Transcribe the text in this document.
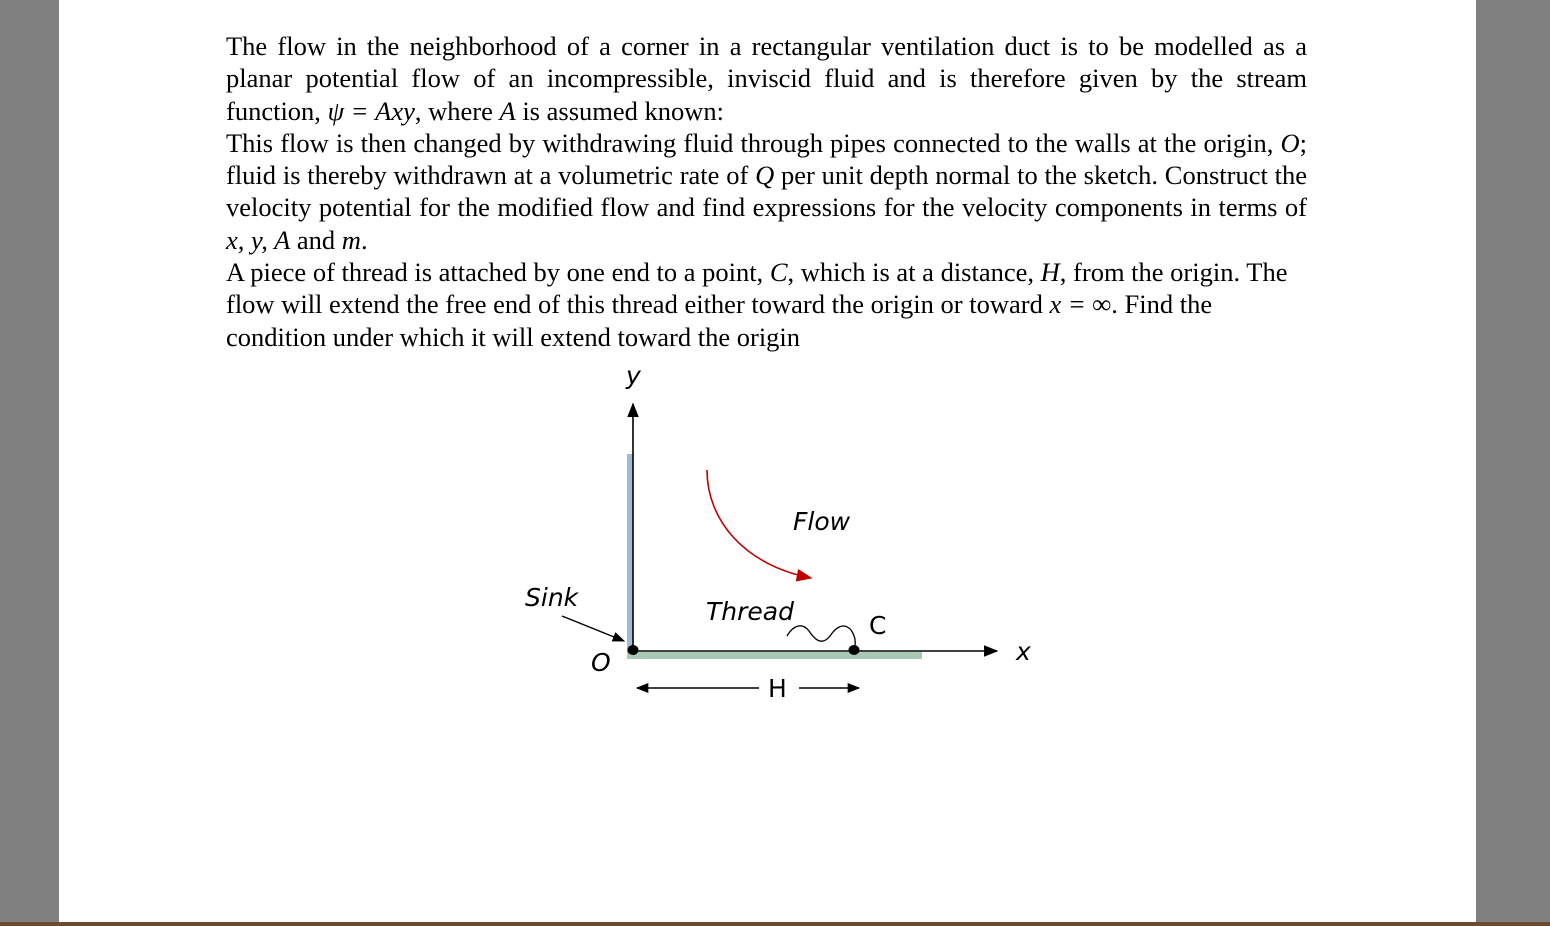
The flow in the neighborhood of a corner in a rectangular ventilation duct is to be modelled as a planar potential flow of an incompressible, inviscid fluid and is therefore given by the stream function, ψ = Axy, where A is assumed known:

This flow is then changed by withdrawing fluid through pipes connected to the walls at the origin, O; fluid is thereby withdrawn at a volumetric rate of Q per unit depth normal to the sketch. Construct the velocity potential for the modified flow and find expressions for the velocity components in terms of x, y, A and m.

A piece of thread is attached by one end to a point, C, which is at a distance, H, from the origin. The flow will extend the free end of this thread either toward the origin or toward x = ∞. Find the condition under which it will extend toward the origin

y
x
Flow
Sink	Thread	C
O
H
